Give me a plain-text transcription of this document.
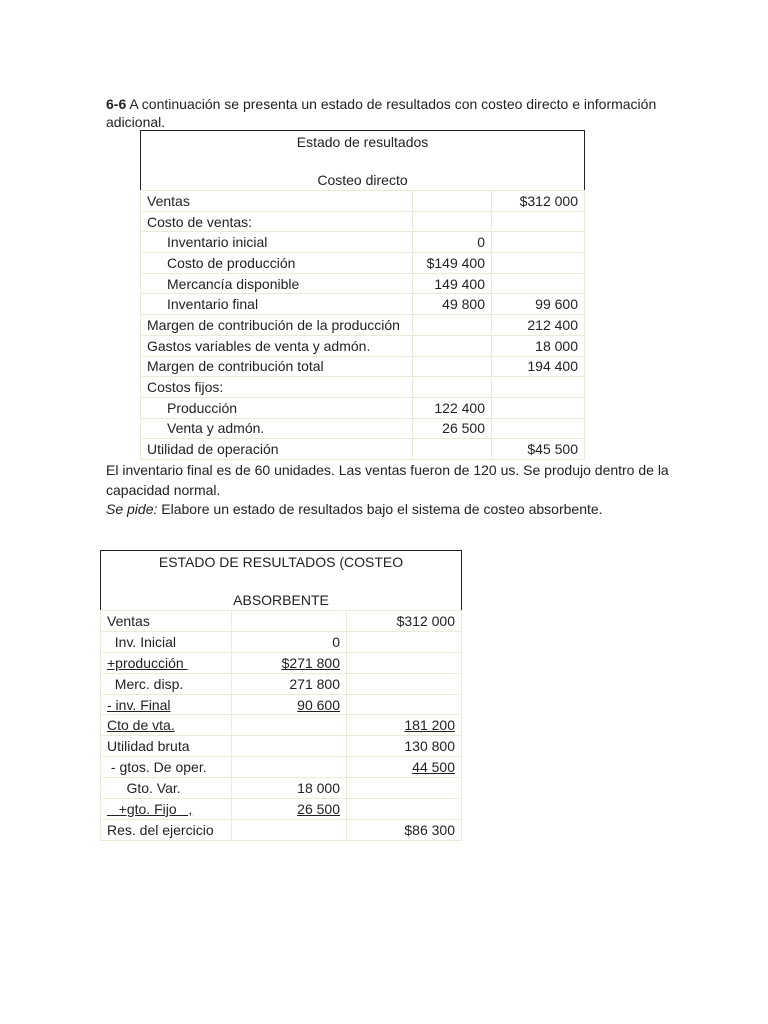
6-6 A continuación se presenta un estado de resultados con costeo directo e información adicional.
Estado de resultados		
Costeo directo		
Ventas		$312 000
Costo de ventas:		
Inventario inicial	0	
Costo de producción	$149 400	
Mercancía disponible	149 400	
Inventario final	49 800	99 600
Margen de contribución de la producción		212 400
Gastos variables de venta y admón.		18 000
Margen de contribución total		194 400
Costos fijos:		
Producción	122 400	
Venta y admón.	26 500	
Utilidad de operación		$45 500
El inventario final es de 60 unidades. Las ventas fueron de 120 us. Se produjo dentro de la capacidad normal.
Se pide: Elabore un estado de resultados bajo el sistema de costeo absorbente.
ESTADO DE RESULTADOS (COSTEO		
ABSORBENTE		
Ventas		$312 000
Inv. Inicial	0	
+producción	$271 800	
Merc. disp.	271 800	
- inv. Final	90 600	
Cto de vta.		181 200
Utilidad bruta		130 800
- gtos. De oper.		44 500
Gto. Var.	18 000	
+gto. Fijo   ,	26 500	
Res. del ejercicio		$86 300
